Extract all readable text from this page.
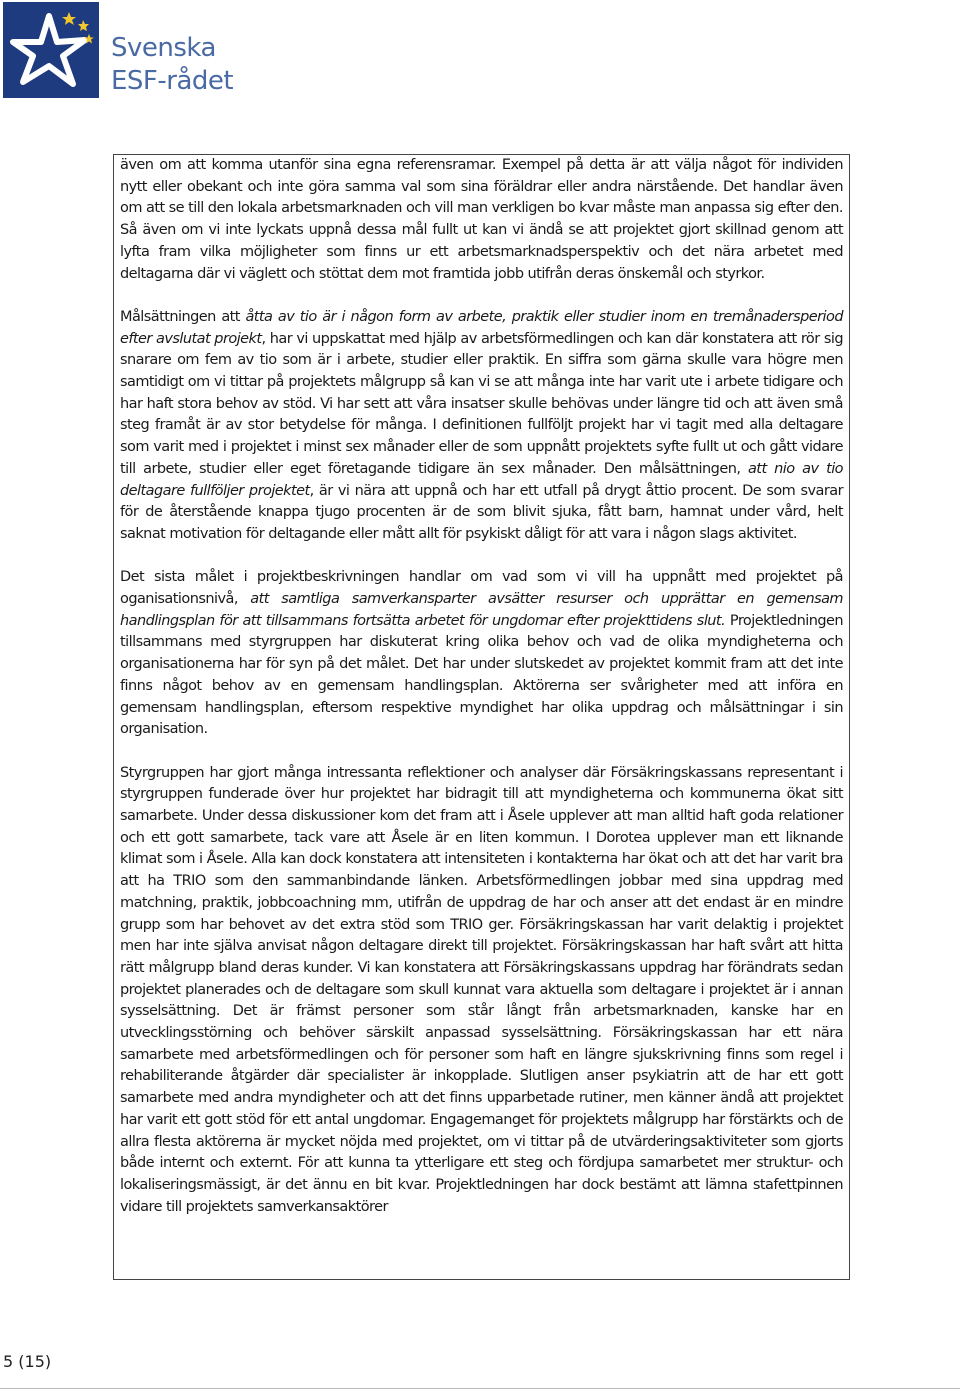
Svenska
ESF-rådet

även om att komma utanför sina egna referensramar. Exempel på detta är att välja något för individen nytt eller obekant och inte göra samma val som sina föräldrar eller andra närstående. Det handlar även om att se till den lokala arbetsmarknaden och vill man verkligen bo kvar måste man anpassa sig efter den. Så även om vi inte lyckats uppnå dessa mål fullt ut kan vi ändå se att projektet gjort skillnad genom att lyfta fram vilka möjligheter som finns ur ett arbetsmarknadsperspektiv och det nära arbetet med deltagarna där vi väglett och stöttat dem mot framtida jobb utifrån deras önskemål och styrkor.

Målsättningen att åtta av tio är i någon form av arbete, praktik eller studier inom en tremånadersperiod efter avslutat projekt, har vi uppskattat med hjälp av arbetsförmedlingen och kan där konstatera att rör sig snarare om fem av tio som är i arbete, studier eller praktik. En siffra som gärna skulle vara högre men samtidigt om vi tittar på projektets målgrupp så kan vi se att många inte har varit ute i arbete tidigare och har haft stora behov av stöd. Vi har sett att våra insatser skulle behövas under längre tid och att även små steg framåt är av stor betydelse för många. I definitionen fullföljt projekt har vi tagit med alla deltagare som varit med i projektet i minst sex månader eller de som uppnått projektets syfte fullt ut och gått vidare till arbete, studier eller eget företagande tidigare än sex månader. Den målsättningen, att nio av tio deltagare fullföljer projektet, är vi nära att uppnå och har ett utfall på drygt åttio procent. De som svarar för de återstående knappa tjugo procenten är de som blivit sjuka, fått barn, hamnat under vård, helt saknat motivation för deltagande eller mått allt för psykiskt dåligt för att vara i någon slags aktivitet.

Det sista målet i projektbeskrivningen handlar om vad som vi vill ha uppnått med projektet på oganisationsnivå, att samtliga samverkansparter avsätter resurser och upprättar en gemensam handlingsplan för att tillsammans fortsätta arbetet för ungdomar efter projekttidens slut. Projektledningen tillsammans med styrgruppen har diskuterat kring olika behov och vad de olika myndigheterna och organisationerna har för syn på det målet. Det har under slutskedet av projektet kommit fram att det inte finns något behov av en gemensam handlingsplan. Aktörerna ser svårigheter med att införa en gemensam handlingsplan, eftersom respektive myndighet har olika uppdrag och målsättningar i sin organisation.

Styrgruppen har gjort många intressanta reflektioner och analyser där Försäkringskassans representant i styrgruppen funderade över hur projektet har bidragit till att myndigheterna och kommunerna ökat sitt samarbete. Under dessa diskussioner kom det fram att i Åsele upplever att man alltid haft goda relationer och ett gott samarbete, tack vare att Åsele är en liten kommun. I Dorotea upplever man ett liknande klimat som i Åsele. Alla kan dock konstatera att intensiteten i kontakterna har ökat och att det har varit bra att ha TRIO som den sammanbindande länken. Arbetsförmedlingen jobbar med sina uppdrag med matchning, praktik, jobbcoachning mm, utifrån de uppdrag de har och anser att det endast är en mindre grupp som har behovet av det extra stöd som TRIO ger. Försäkringskassan har varit delaktig i projektet men har inte själva anvisat någon deltagare direkt till projektet. Försäkringskassan har haft svårt att hitta rätt målgrupp bland deras kunder. Vi kan konstatera att Försäkringskassans uppdrag har förändrats sedan projektet planerades och de deltagare som skull kunnat vara aktuella som deltagare i projektet är i annan sysselsättning. Det är främst personer som står långt från arbetsmarknaden, kanske har en utvecklingsstörning och behöver särskilt anpassad sysselsättning. Försäkringskassan har ett nära samarbete med arbetsförmedlingen och för personer som haft en längre sjukskrivning finns som regel i rehabiliterande åtgärder där specialister är inkopplade. Slutligen anser psykiatrin att de har ett gott samarbete med andra myndigheter och att det finns upparbetade rutiner, men känner ändå att projektet har varit ett gott stöd för ett antal ungdomar. Engagemanget för projektets målgrupp har förstärkts och de allra flesta aktörerna är mycket nöjda med projektet, om vi tittar på de utvärderingsaktiviteter som gjorts både internt och externt. För att kunna ta ytterligare ett steg och fördjupa samarbetet mer struktur- och lokaliseringsmässigt, är det ännu en bit kvar. Projektledningen har dock bestämt att lämna stafettpinnen vidare till projektets samverkansaktörer

5 (15)
